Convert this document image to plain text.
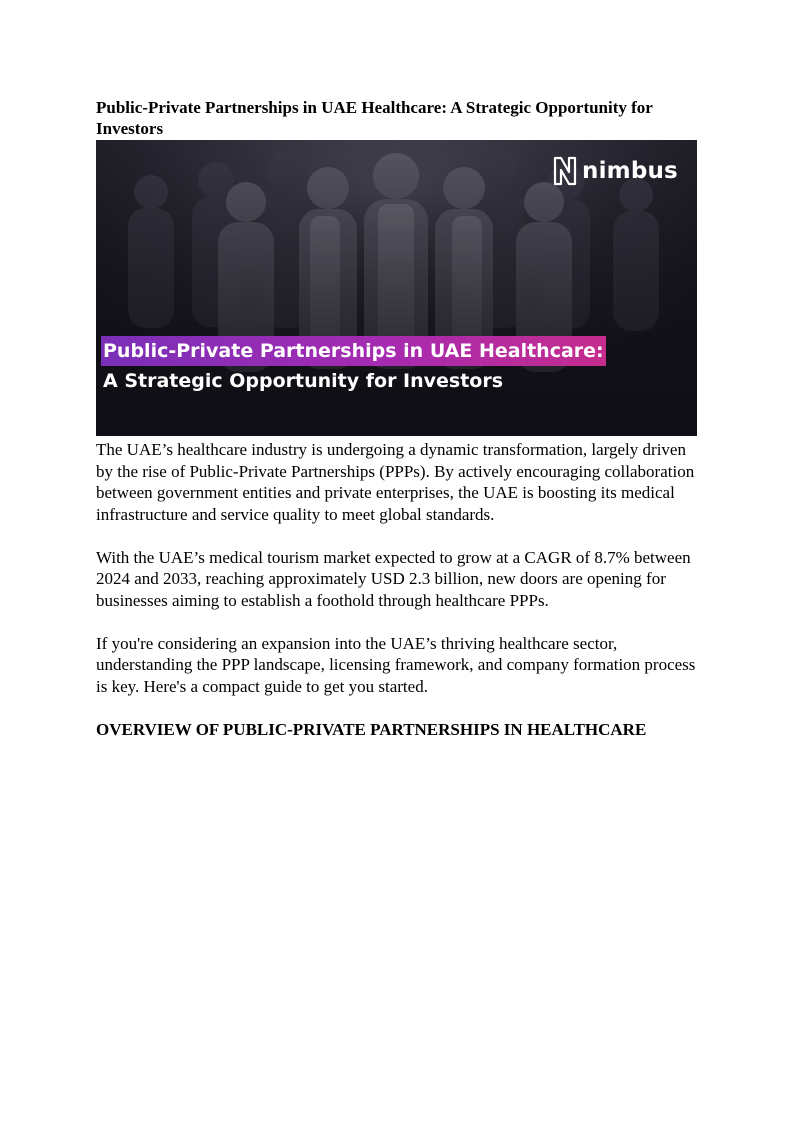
Public-Private Partnerships in UAE Healthcare: A Strategic Opportunity for Investors
nimbus
Public-Private Partnerships in UAE Healthcare:
A Strategic Opportunity for Investors

The UAE’s healthcare industry is undergoing a dynamic transformation, largely driven by the rise of Public-Private Partnerships (PPPs). By actively encouraging collaboration between government entities and private enterprises, the UAE is boosting its medical infrastructure and service quality to meet global standards.

With the UAE’s medical tourism market expected to grow at a CAGR of 8.7% between 2024 and 2033, reaching approximately USD 2.3 billion, new doors are opening for businesses aiming to establish a foothold through healthcare PPPs.

If you're considering an expansion into the UAE’s thriving healthcare sector, understanding the PPP landscape, licensing framework, and company formation process is key. Here's a compact guide to get you started.

OVERVIEW OF PUBLIC-PRIVATE PARTNERSHIPS IN HEALTHCARE
